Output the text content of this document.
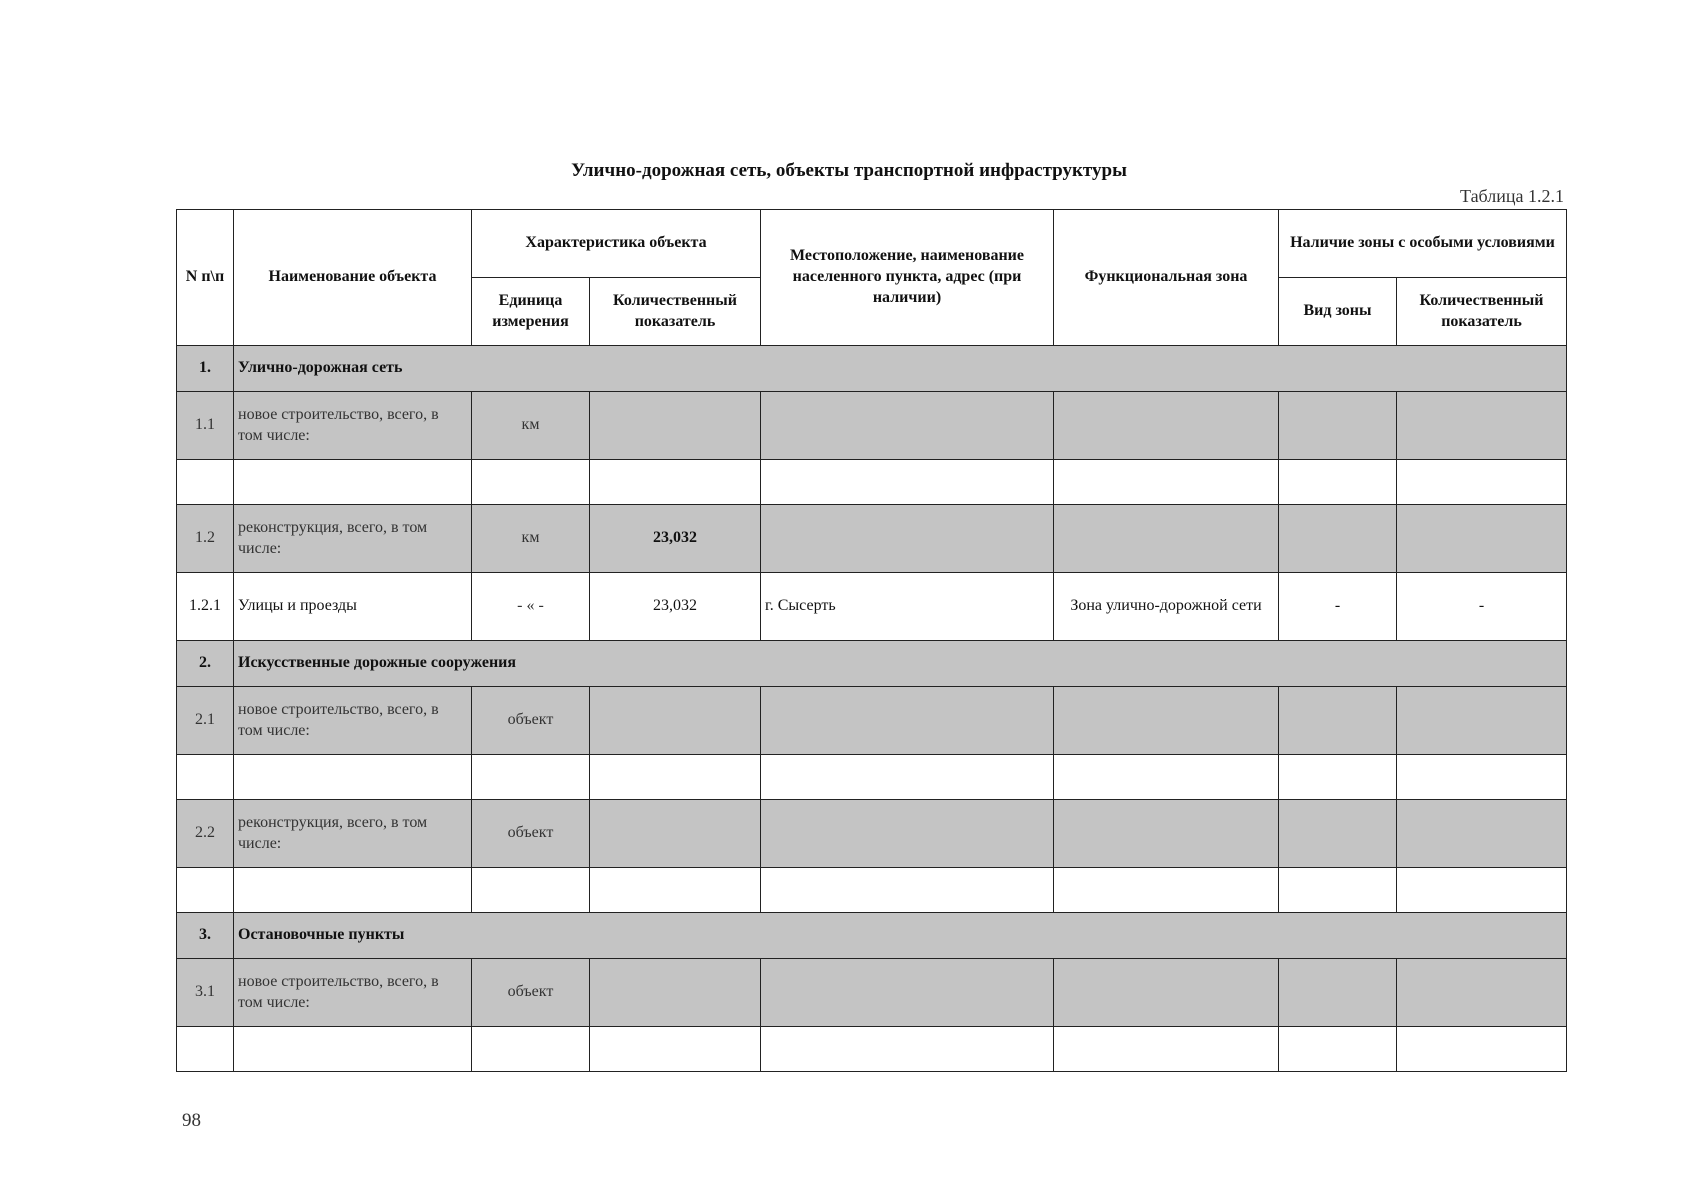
Улично-дорожная сеть, объекты транспортной инфраструктуры
Таблица 1.2.1
N п\п	Наименование объекта	Характеристика объекта		Местоположение, наименование населенного пункта, адрес (при наличии)	Функциональная зона	Наличие зоны с особыми условиями	
		Единица измерения	Количественный показатель			Вид зоны	Количественный показатель
1.	Улично-дорожная сеть						
1.1	новое строительство, всего, в том числе:	км					

1.2	реконструкция, всего, в том числе:	км	23,032				
1.2.1	Улицы и проезды	- « -	23,032	г. Сысерть	Зона улично-дорожной сети	-	-
2.	Искусственные дорожные сооружения						
2.1	новое строительство, всего, в том числе:	объект					

2.2	реконструкция, всего, в том числе:	объект					

3.	Остановочные пункты						
3.1	новое строительство, всего, в том числе:	объект					

98
